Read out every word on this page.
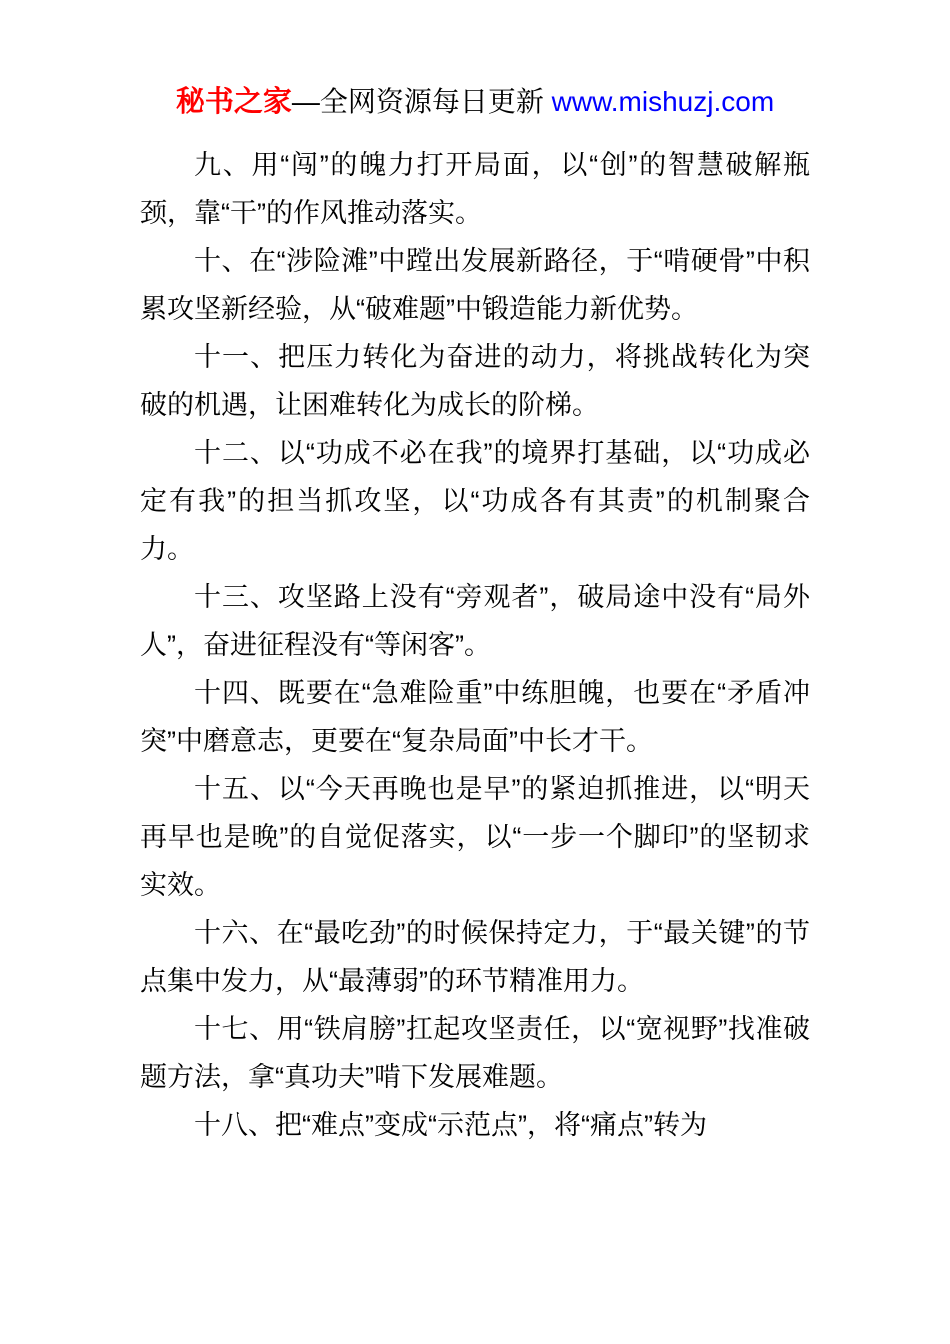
秘书之家—全网资源每日更新 www.mishuzj.com

九、用“闯”的魄力打开局面，以“创”的智慧破解瓶颈，靠“干”的作风推动落实。

十、在“涉险滩”中蹚出发展新路径，于“啃硬骨”中积累攻坚新经验，从“破难题”中锻造能力新优势。

十一、把压力转化为奋进的动力，将挑战转化为突破的机遇，让困难转化为成长的阶梯。

十二、以“功成不必在我”的境界打基础，以“功成必定有我”的担当抓攻坚，以“功成各有其责”的机制聚合力。

十三、攻坚路上没有“旁观者”，破局途中没有“局外人”，奋进征程没有“等闲客”。

十四、既要在“急难险重”中练胆魄，也要在“矛盾冲突”中磨意志，更要在“复杂局面”中长才干。

十五、以“今天再晚也是早”的紧迫抓推进，以“明天再早也是晚”的自觉促落实，以“一步一个脚印”的坚韧求实效。

十六、在“最吃劲”的时候保持定力，于“最关键”的节点集中发力，从“最薄弱”的环节精准用力。

十七、用“铁肩膀”扛起攻坚责任，以“宽视野”找准破题方法，拿“真功夫”啃下发展难题。

十八、把“难点”变成“示范点”，将“痛点”转为
